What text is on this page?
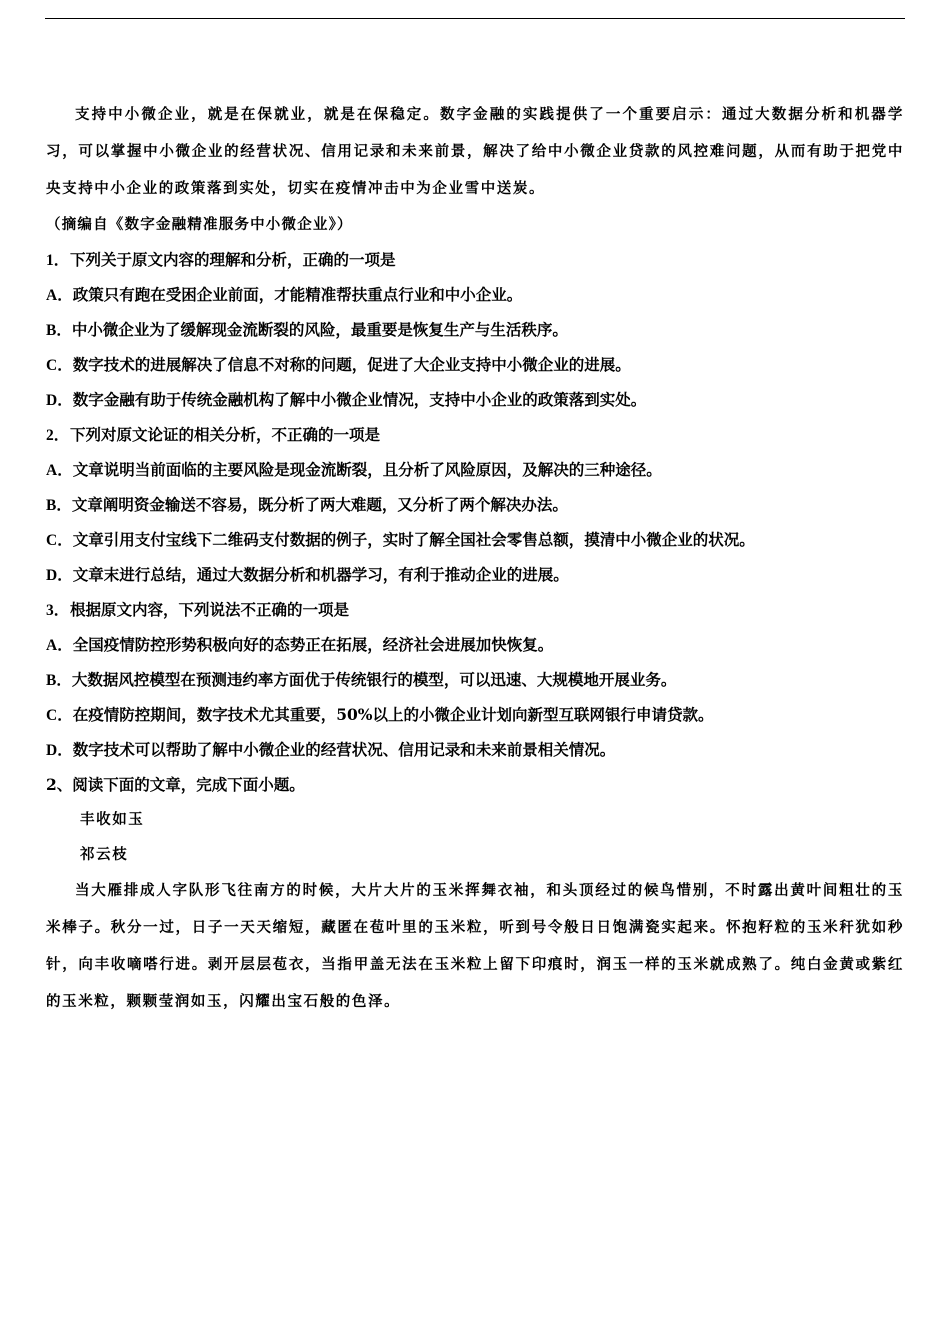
支持中小微企业，就是在保就业，就是在保稳定。数字金融的实践提供了一个重要启示：通过大数据分析和机器学习，可以掌握中小微企业的经营状况、信用记录和未来前景，解决了给中小微企业贷款的风控难问题，从而有助于把党中央支持中小企业的政策落到实处，切实在疫情冲击中为企业雪中送炭。

（摘编自《数字金融精准服务中小微企业》）
1．下列关于原文内容的理解和分析，正确的一项是
A．政策只有跑在受困企业前面，才能精准帮扶重点行业和中小企业。
B．中小微企业为了缓解现金流断裂的风险，最重要是恢复生产与生活秩序。
C．数字技术的进展解决了信息不对称的问题，促进了大企业支持中小微企业的进展。
D．数字金融有助于传统金融机构了解中小微企业情况，支持中小企业的政策落到实处。
2．下列对原文论证的相关分析，不正确的一项是
A．文章说明当前面临的主要风险是现金流断裂，且分析了风险原因，及解决的三种途径。
B．文章阐明资金输送不容易，既分析了两大难题，又分析了两个解决办法。
C．文章引用支付宝线下二维码支付数据的例子，实时了解全国社会零售总额，摸清中小微企业的状况。
D．文章末进行总结，通过大数据分析和机器学习，有利于推动企业的进展。
3．根据原文内容，下列说法不正确的一项是
A．全国疫情防控形势积极向好的态势正在拓展，经济社会进展加快恢复。
B．大数据风控模型在预测违约率方面优于传统银行的模型，可以迅速、大规模地开展业务。
C．在疫情防控期间，数字技术尤其重要，50%以上的小微企业计划向新型互联网银行申请贷款。
D．数字技术可以帮助了解中小微企业的经营状况、信用记录和未来前景相关情况。
2、阅读下面的文章，完成下面小题。
丰收如玉
祁云枝

当大雁排成人字队形飞往南方的时候，大片大片的玉米挥舞衣袖，和头顶经过的候鸟惜别，不时露出黄叶间粗壮的玉米棒子。秋分一过，日子一天天缩短，藏匿在苞叶里的玉米粒，听到号令般日日饱满瓷实起来。怀抱籽粒的玉米秆犹如秒针，向丰收嘀嗒行进。剥开层层苞衣，当指甲盖无法在玉米粒上留下印痕时，润玉一样的玉米就成熟了。纯白金黄或紫红的玉米粒，颗颗莹润如玉，闪耀出宝石般的色泽。
